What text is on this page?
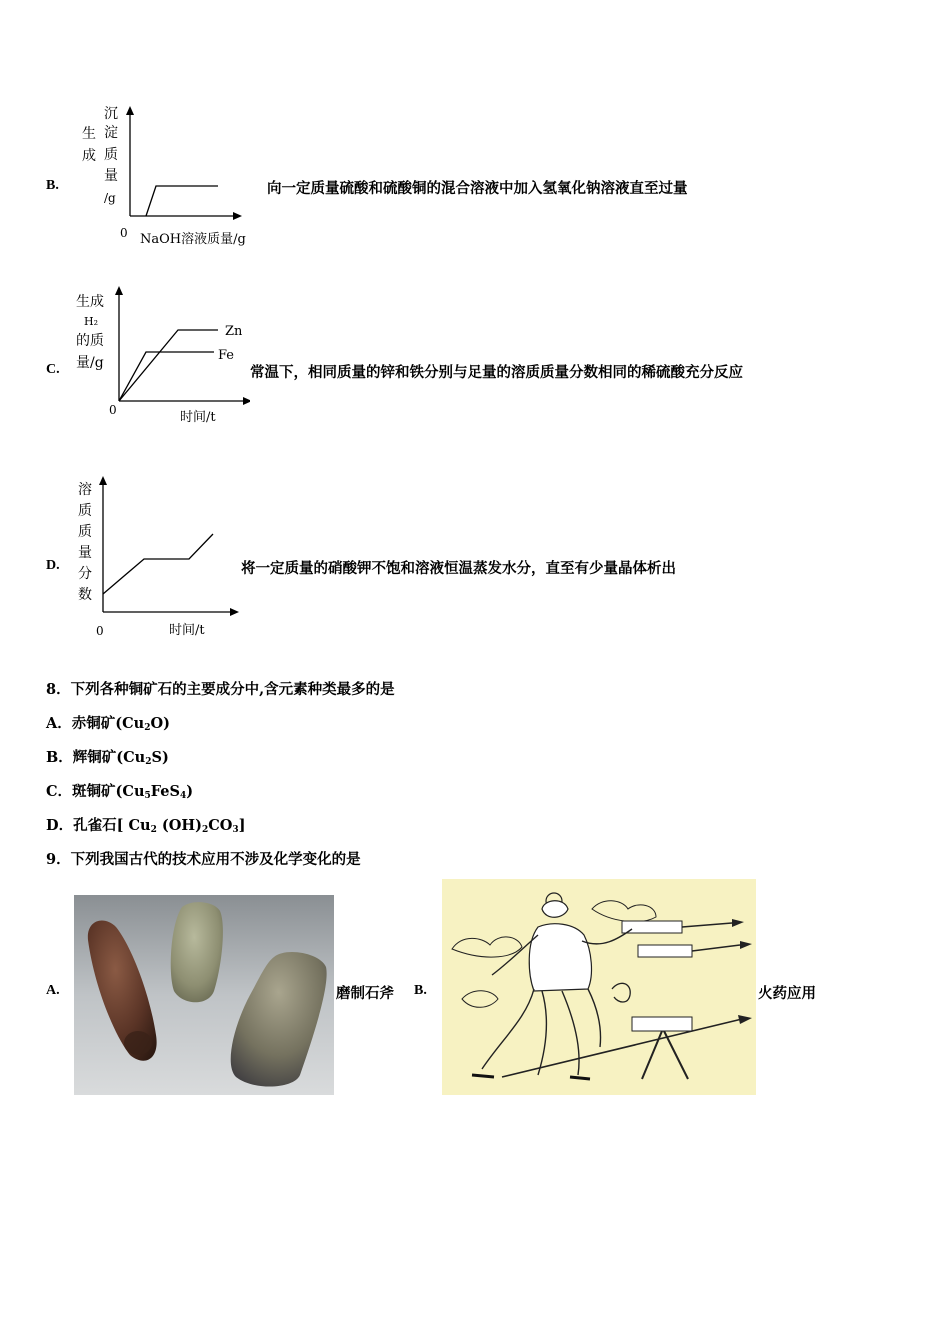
B.
沉
淀
生
成 质
量
/g
0 NaOH溶液质量/g
向一定质量硫酸和硫酸铜的混合溶液中加入氢氧化钠溶液直至过量
C.
Zn
Fe
生成
H₂
的质
量/g
0	时间/t
常温下，相同质量的锌和铁分别与足量的溶质质量分数相同的稀硫酸充分反应
D.
溶
质
质
量
分
数
0	时间/t
将一定质量的硝酸钾不饱和溶液恒温蒸发水分，直至有少量晶体析出
8．下列各种铜矿石的主要成分中,含元素种类最多的是
A．赤铜矿$(Cu_2O)$
B．辉铜矿$(Cu_2S)$
C．斑铜矿$(Cu_5FeS_4)$
D．孔雀石[ $Cu_2$ $(OH)_2CO_3$]
9．下列我国古代的技术应用不涉及化学变化的是
A.	磨制石斧 B.	火药应用
